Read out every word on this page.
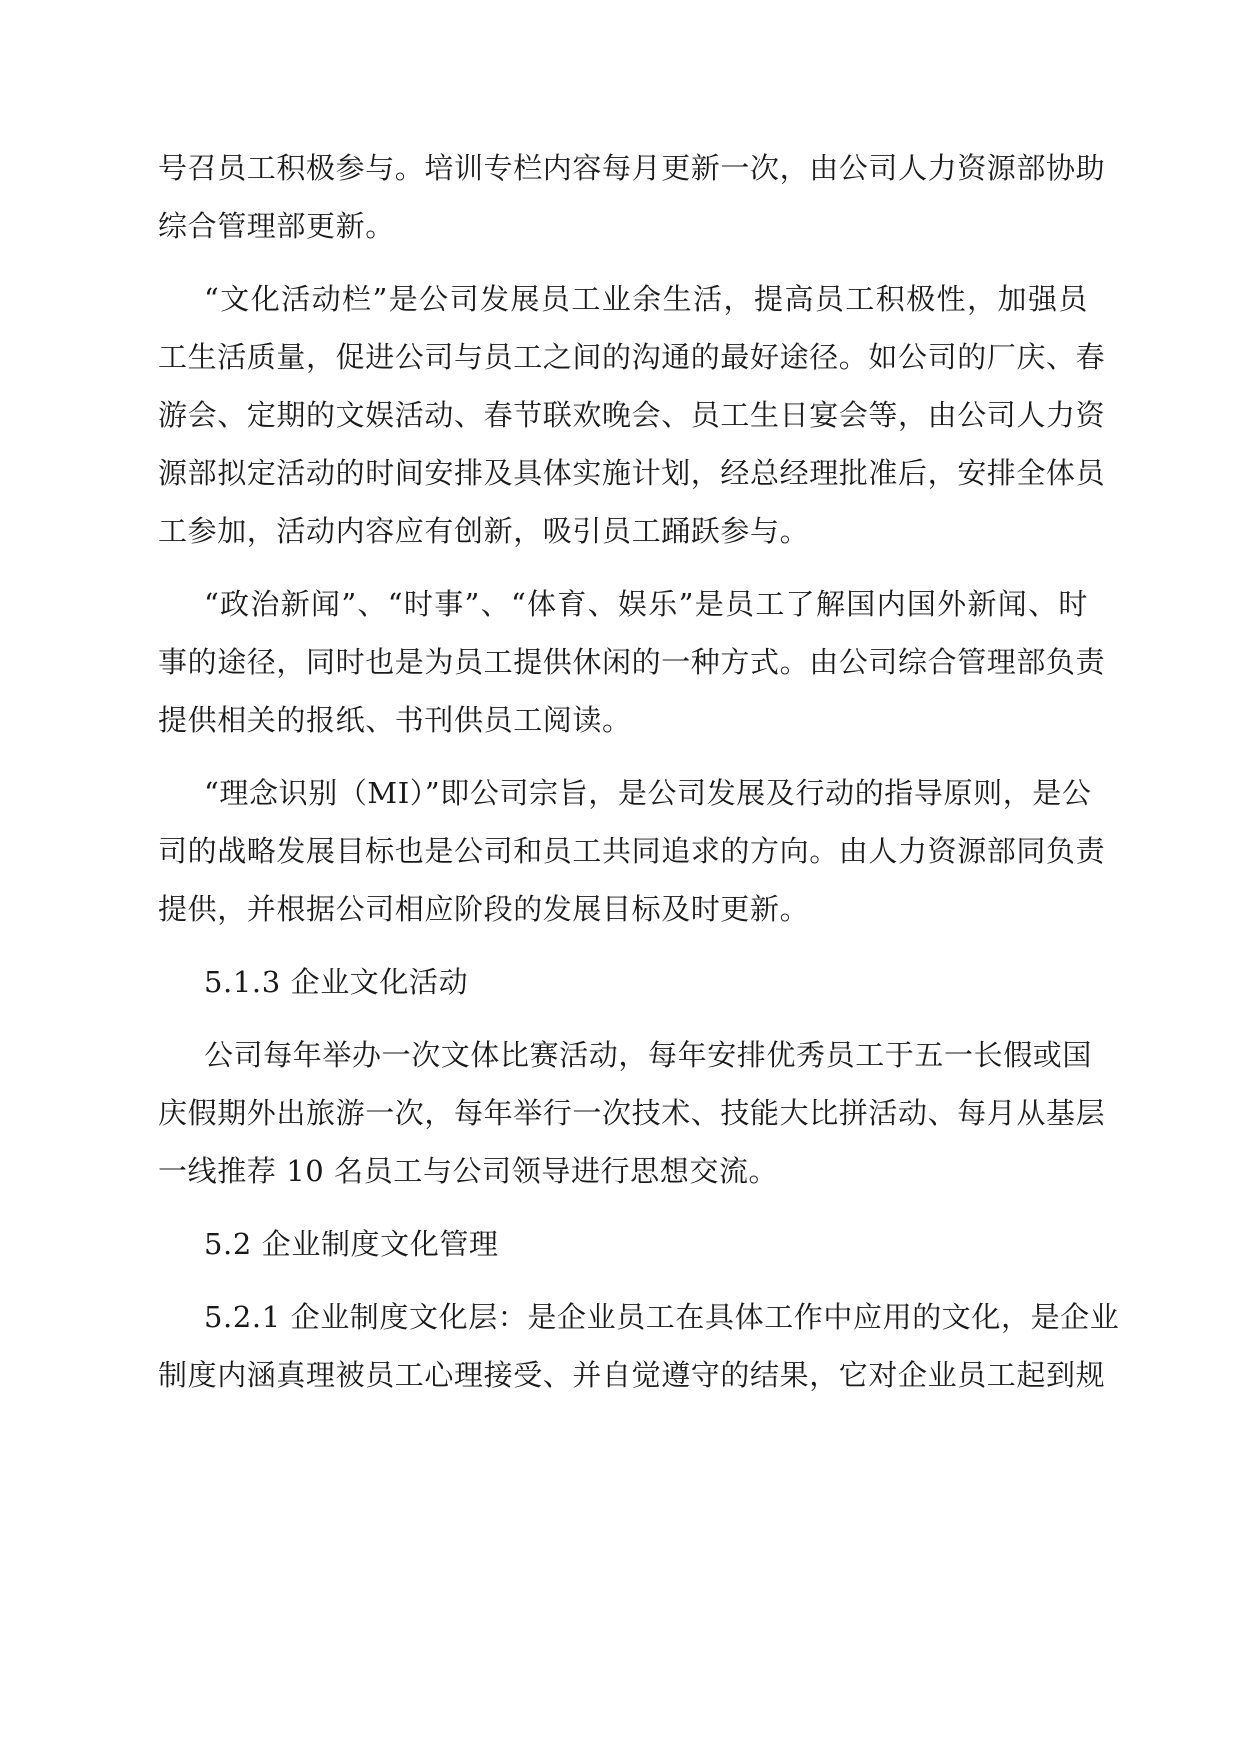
号召员工积极参与。培训专栏内容每月更新一次，由公司人力资源部协助

综合管理部更新。

“文化活动栏”是公司发展员工业余生活，提高员工积极性，加强员

工生活质量，促进公司与员工之间的沟通的最好途径。如公司的厂庆、春

游会、定期的文娱活动、春节联欢晚会、员工生日宴会等，由公司人力资

源部拟定活动的时间安排及具体实施计划，经总经理批准后，安排全体员

工参加，活动内容应有创新，吸引员工踊跃参与。

“政治新闻”、“时事”、“体育、娱乐”是员工了解国内国外新闻、时

事的途径，同时也是为员工提供休闲的一种方式。由公司综合管理部负责

提供相关的报纸、书刊供员工阅读。

“理念识别（MI）”即公司宗旨，是公司发展及行动的指导原则，是公

司的战略发展目标也是公司和员工共同追求的方向。由人力资源部同负责

提供，并根据公司相应阶段的发展目标及时更新。

5.1.3 企业文化活动

公司每年举办一次文体比赛活动，每年安排优秀员工于五一长假或国

庆假期外出旅游一次，每年举行一次技术、技能大比拼活动、每月从基层

一线推荐 10 名员工与公司领导进行思想交流。

5.2 企业制度文化管理

5.2.1 企业制度文化层：是企业员工在具体工作中应用的文化，是企业

制度内涵真理被员工心理接受、并自觉遵守的结果，它对企业员工起到规
